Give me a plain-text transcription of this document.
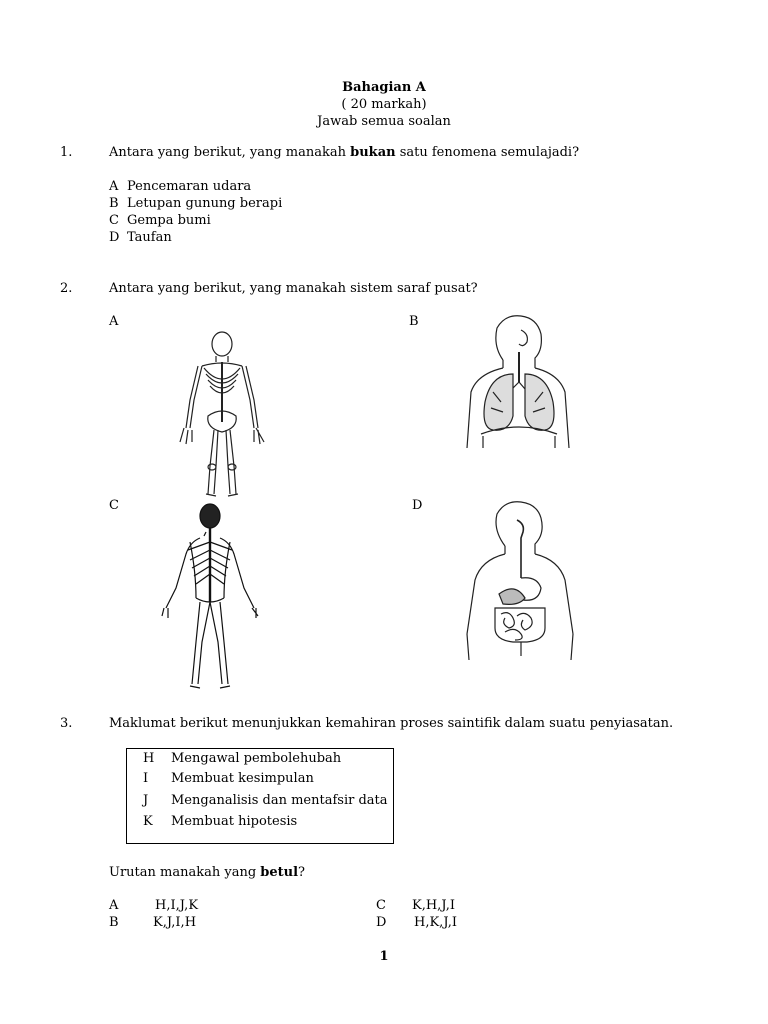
Bahagian A
( 20 markah)
Jawab semua soalan
1.	Antara yang berikut, yang manakah bukan satu fenomena semulajadi?
A Pencemaran udara
B Letupan gunung berapi
C Gempa bumi
D Taufan
2.	Antara yang berikut, yang manakah sistem saraf pusat?
A	B
C	D
3.	Maklumat berikut menunjukkan kemahiran proses saintifik dalam suatu penyiasatan.
H Mengawal pembolehubah
I Membuat kesimpulan
J Menganalisis dan mentafsir data
K Membuat hipotesis
Urutan manakah yang betul?
A	H,I,J,K
B	K,J,I,H
C K,H,J,I
D H,K,J,I
1
